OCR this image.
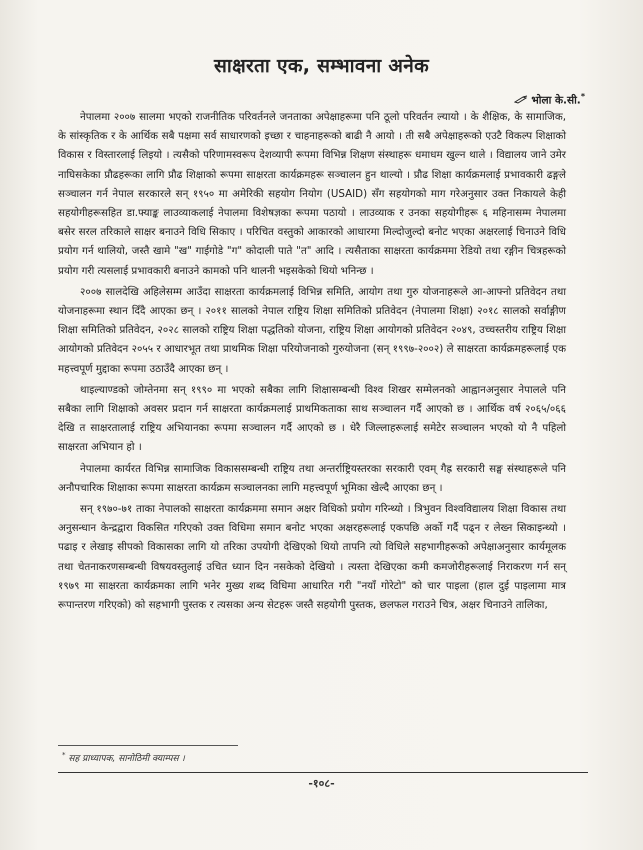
साक्षरता एक, सम्भावना अनेक
भोला के.सी.*

नेपालमा २००७ सालमा भएको राजनीतिक परिवर्तनले जनताका अपेक्षाहरूमा पनि ठूलो परिवर्तन ल्यायो । के शैक्षिक, के सामाजिक, के सांस्कृतिक र के आर्थिक सबै पक्षमा सर्व साधारणको इच्छा र चाहनाहरूको बाढी नै आयो । ती सबै अपेक्षाहरूको एउटै विकल्प शिक्षाको विकास र विस्तारलाई लिइयो । त्यसैको परिणामस्वरूप देशव्यापी रूपमा विभिन्न शिक्षण संस्थाहरू धमाधम खुल्न थाले । विद्यालय जाने उमेर नाघिसकेका प्रौढहरूका लागि प्रौढ शिक्षाको रूपमा साक्षरता कार्यक्रमहरू सञ्चालन हुन थाल्यो । प्रौढ शिक्षा कार्यक्रमलाई प्रभावकारी ढङ्गले सञ्चालन गर्न नेपाल सरकारले सन् १९५० मा अमेरिकी सहयोग नियोग (USAID) सँग सहयोगको माग गरेअनुसार उक्त निकायले केही सहयोगीहरूसहित डा.फ्याङ्क लाउव्याकलाई नेपालमा विशेषज्ञका रूपमा पठायो । लाउव्याक र उनका सहयोगीहरू ६ महिनासम्म नेपालमा बसेर सरल तरिकाले साक्षर बनाउने विधि सिकाए । परिचित वस्तुको आकारको आधारमा मिल्दोजुल्दो बनोट भएका अक्षरलाई चिनाउने विधि प्रयोग गर्न थालियो, जस्तै खामे "ख" गाईगोडे "ग" कोदाली पाते "त" आदि । त्यसैताका साक्षरता कार्यक्रममा रेडियो तथा रङ्गीन चित्रहरूको प्रयोग गरी त्यसलाई प्रभावकारी बनाउने कामको पनि थालनी भइसकेको थियो भनिन्छ ।

२००७ सालदेखि अहिलेसम्म आउँदा साक्षरता कार्यक्रमलाई विभिन्न समिति, आयोग तथा गुरु योजनाहरूले आ-आफ्नो प्रतिवेदन तथा योजनाहरूमा स्थान दिँदै आएका छन् । २०११ सालको नेपाल राष्ट्रिय शिक्षा समितिको प्रतिवेदन (नेपालमा शिक्षा) २०१८ सालको सर्वाङ्गीण शिक्षा समितिको प्रतिवेदन, २०२८ सालको राष्ट्रिय शिक्षा पद्धतिको योजना, राष्ट्रिय शिक्षा आयोगको प्रतिवेदन २०४९, उच्चस्तरीय राष्ट्रिय शिक्षा आयोगको प्रतिवेदन २०५५ र आधारभूत तथा प्राथमिक शिक्षा परियोजनाको गुरुयोजना (सन् १९९७-२००२) ले साक्षरता कार्यक्रमहरूलाई एक महत्त्वपूर्ण मुद्दाका रूपमा उठाउँदै आएका छन् ।

थाइल्याण्डको जोम्तेनमा सन् १९९० मा भएको सबैका लागि शिक्षासम्बन्धी विश्व शिखर सम्मेलनको आह्वानअनुसार नेपालले पनि सबैका लागि शिक्षाको अवसर प्रदान गर्न साक्षरता कार्यक्रमलाई प्राथमिकताका साथ सञ्चालन गर्दै आएको छ । आर्थिक वर्ष २०६५/०६६ देखि त साक्षरतालाई राष्ट्रिय अभियानका रूपमा सञ्चालन गर्दै आएको छ । धेरै जिल्लाहरूलाई समेटेर सञ्चालन भएको यो नै पहिलो साक्षरता अभियान हो ।

नेपालमा कार्यरत विभिन्न सामाजिक विकाससम्बन्धी राष्ट्रिय तथा अन्तर्राष्ट्रियस्तरका सरकारी एवम् गैह्र सरकारी सङ्घ संस्थाहरूले पनि अनौपचारिक शिक्षाका रूपमा साक्षरता कार्यक्रम सञ्चालनका लागि महत्त्वपूर्ण भूमिका खेल्दै आएका छन् ।

सन् १९७०-७१ ताका नेपालको साक्षरता कार्यक्रममा समान अक्षर विधिको प्रयोग गरिन्थ्यो । त्रिभुवन विश्वविद्यालय शिक्षा विकास तथा अनुसन्धान केन्द्रद्वारा विकसित गरिएको उक्त विधिमा समान बनोट भएका अक्षरहरूलाई एकपछि अर्को गर्दै पढ्न र लेख्न सिकाइन्थ्यो । पढाइ र लेखाइ सीपको विकासका लागि यो तरिका उपयोगी देखिएको थियो तापनि त्यो विधिले सहभागीहरूको अपेक्षाअनुसार कार्यमूलक तथा चेतनाकरणसम्बन्धी विषयवस्तुलाई उचित ध्यान दिन नसकेको देखियो । त्यस्ता देखिएका कमी कमजोरीहरूलाई निराकरण गर्न सन् १९७९ मा साक्षरता कार्यक्रमका लागि भनेर मुख्य शब्द विधिमा आधारित गरी "नयाँ गोरेटो" को चार पाइला (हाल दुई पाइलामा मात्र रूपान्तरण गरिएको) को सहभागी पुस्तक र त्यसका अन्य सेटहरू जस्तै सहयोगी पुस्तक, छलफल गराउने चित्र, अक्षर चिनाउने तालिका,

* सह प्राध्यापक, सानोठिमी क्याम्पस ।
-१०८-
